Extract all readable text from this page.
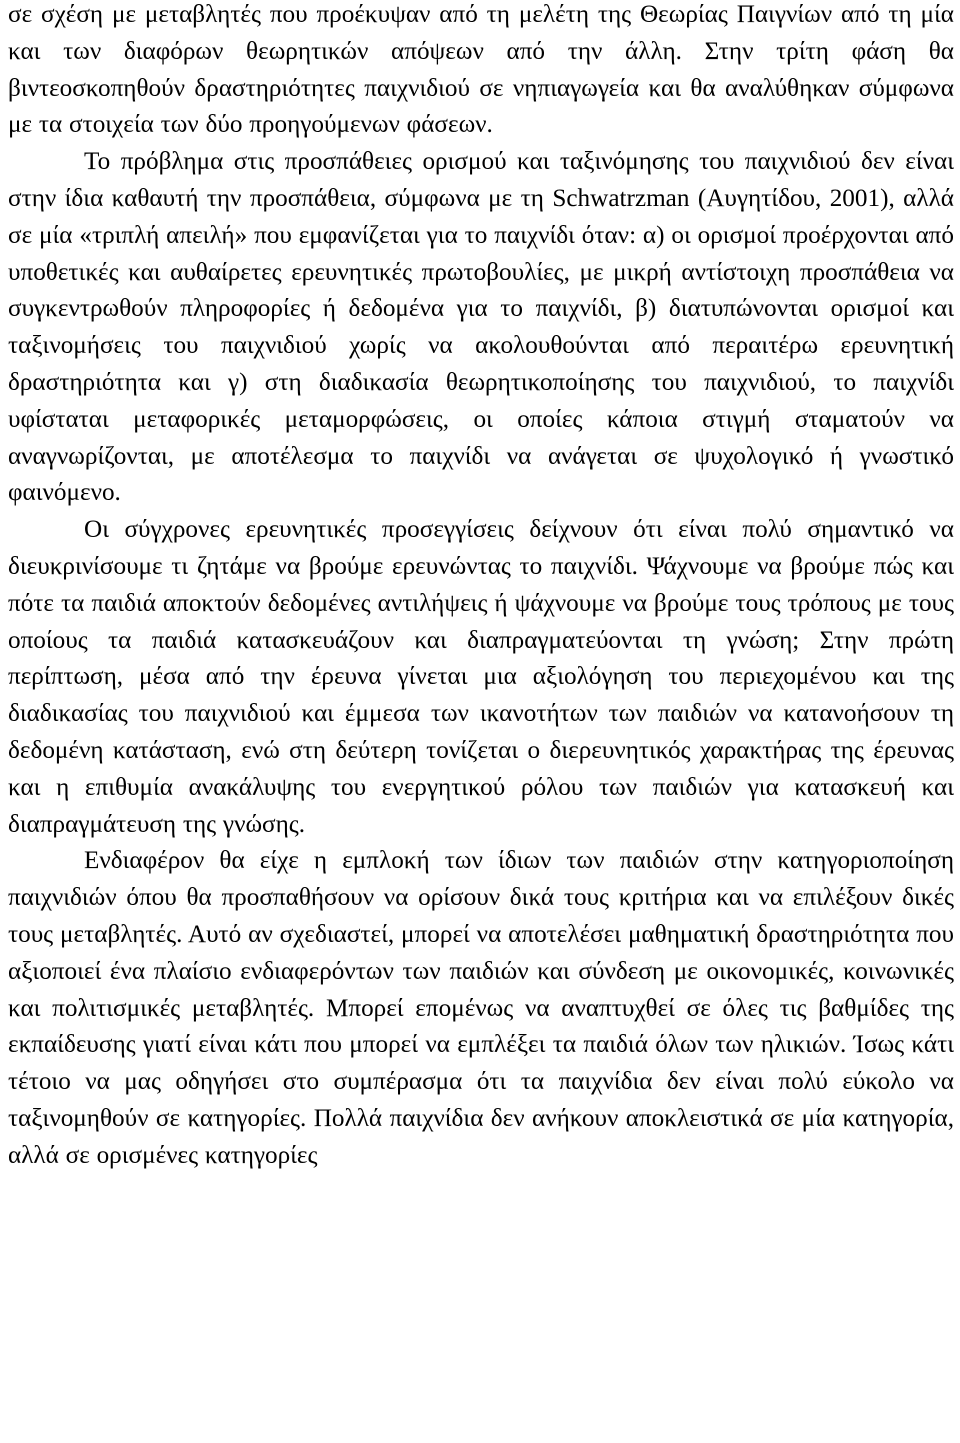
σε σχέση με μεταβλητές που προέκυψαν από τη μελέτη της Θεωρίας Παιγνίων από τη μία και των διαφόρων θεωρητικών απόψεων από την άλλη. Στην τρίτη φάση θα βιντεοσκοπηθούν δραστηριότητες παιχνιδιού σε νηπιαγωγεία και θα αναλύθηκαν σύμφωνα με τα στοιχεία των δύο προηγούμενων φάσεων.

Το πρόβλημα στις προσπάθειες ορισμού και ταξινόμησης του παιχνιδιού δεν είναι στην ίδια καθαυτή την προσπάθεια, σύμφωνα με τη Schwatrzman (Αυγητίδου, 2001), αλλά σε μία «τριπλή απειλή» που εμφανίζεται για το παιχνίδι όταν: α) οι ορισμοί προέρχονται από υποθετικές και αυθαίρετες ερευνητικές πρωτοβουλίες, με μικρή αντίστοιχη προσπάθεια να συγκεντρωθούν πληροφορίες ή δεδομένα για το παιχνίδι, β) διατυπώνονται ορισμοί και ταξινομήσεις του παιχνιδιού χωρίς να ακολουθούνται από περαιτέρω ερευνητική δραστηριότητα και γ) στη διαδικασία θεωρητικοποίησης του παιχνιδιού, το παιχνίδι υφίσταται μεταφορικές μεταμορφώσεις, οι οποίες κάποια στιγμή σταματούν να αναγνωρίζονται, με αποτέλεσμα το παιχνίδι να ανάγεται σε ψυχολογικό ή γνωστικό φαινόμενο.

Οι σύγχρονες ερευνητικές προσεγγίσεις δείχνουν ότι είναι πολύ σημαντικό να διευκρινίσουμε τι ζητάμε να βρούμε ερευνώντας το παιχνίδι. Ψάχνουμε να βρούμε πώς και πότε τα παιδιά αποκτούν δεδομένες αντιλήψεις ή ψάχνουμε να βρούμε τους τρόπους με τους οποίους τα παιδιά κατασκευάζουν και διαπραγματεύονται τη γνώση; Στην πρώτη περίπτωση, μέσα από την έρευνα γίνεται μια αξιολόγηση του περιεχομένου και της διαδικασίας του παιχνιδιού και έμμεσα των ικανοτήτων των παιδιών να κατανοήσουν τη δεδομένη κατάσταση, ενώ στη δεύτερη τονίζεται ο διερευνητικός χαρακτήρας της έρευνας και η επιθυμία ανακάλυψης του ενεργητικού ρόλου των παιδιών για κατασκευή και διαπραγμάτευση της γνώσης.

Ενδιαφέρον θα είχε η εμπλοκή των ίδιων των παιδιών στην κατηγοριοποίηση παιχνιδιών όπου θα προσπαθήσουν να ορίσουν δικά τους κριτήρια και να επιλέξουν δικές τους μεταβλητές. Αυτό αν σχεδιαστεί, μπορεί να αποτελέσει μαθηματική δραστηριότητα που αξιοποιεί ένα πλαίσιο ενδιαφερόντων των παιδιών και σύνδεση με οικονομικές, κοινωνικές και πολιτισμικές μεταβλητές. Μπορεί επομένως να αναπτυχθεί σε όλες τις βαθμίδες της εκπαίδευσης γιατί είναι κάτι που μπορεί να εμπλέξει τα παιδιά όλων των ηλικιών. Ίσως κάτι τέτοιο να μας οδηγήσει στο συμπέρασμα ότι τα παιχνίδια δεν είναι πολύ εύκολο να ταξινομηθούν σε κατηγορίες. Πολλά παιχνίδια δεν ανήκουν αποκλειστικά σε μία κατηγορία, αλλά σε ορισμένες κατηγορίες
